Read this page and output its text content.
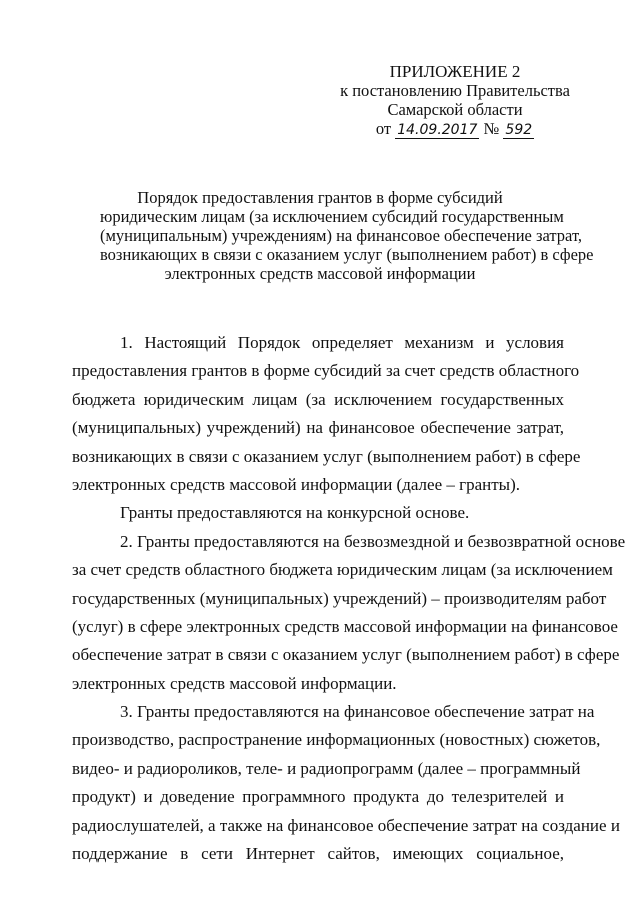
ПРИЛОЖЕНИЕ 2
к постановлению Правительства
Самарской области
от 14.09.2017 № 592
Порядок предоставления грантов в форме субсидий
юридическим лицам (за исключением субсидий государственным
(муниципальным) учреждениям) на финансовое обеспечение затрат,
возникающих в связи с оказанием услуг (выполнением работ) в сфере
электронных средств массовой информации
1. Настоящий Порядок определяет механизм и условия
предоставления грантов в форме субсидий за счет средств областного
бюджета юридическим лицам (за исключением государственных
(муниципальных) учреждений) на финансовое обеспечение затрат,
возникающих в связи с оказанием услуг (выполнением работ) в сфере
электронных средств массовой информации (далее – гранты).
Гранты предоставляются на конкурсной основе.
2. Гранты предоставляются на безвозмездной и безвозвратной основе
за счет средств областного бюджета юридическим лицам (за исключением
государственных (муниципальных) учреждений) – производителям работ
(услуг) в сфере электронных средств массовой информации на финансовое
обеспечение затрат в связи с оказанием услуг (выполнением работ) в сфере
электронных средств массовой информации.
3. Гранты предоставляются на финансовое обеспечение затрат на
производство, распространение информационных (новостных) сюжетов,
видео- и радиороликов, теле- и радиопрограмм (далее – программный
продукт) и доведение программного продукта до телезрителей и
радиослушателей, а также на финансовое обеспечение затрат на создание и
поддержание в сети Интернет сайтов, имеющих социальное,
